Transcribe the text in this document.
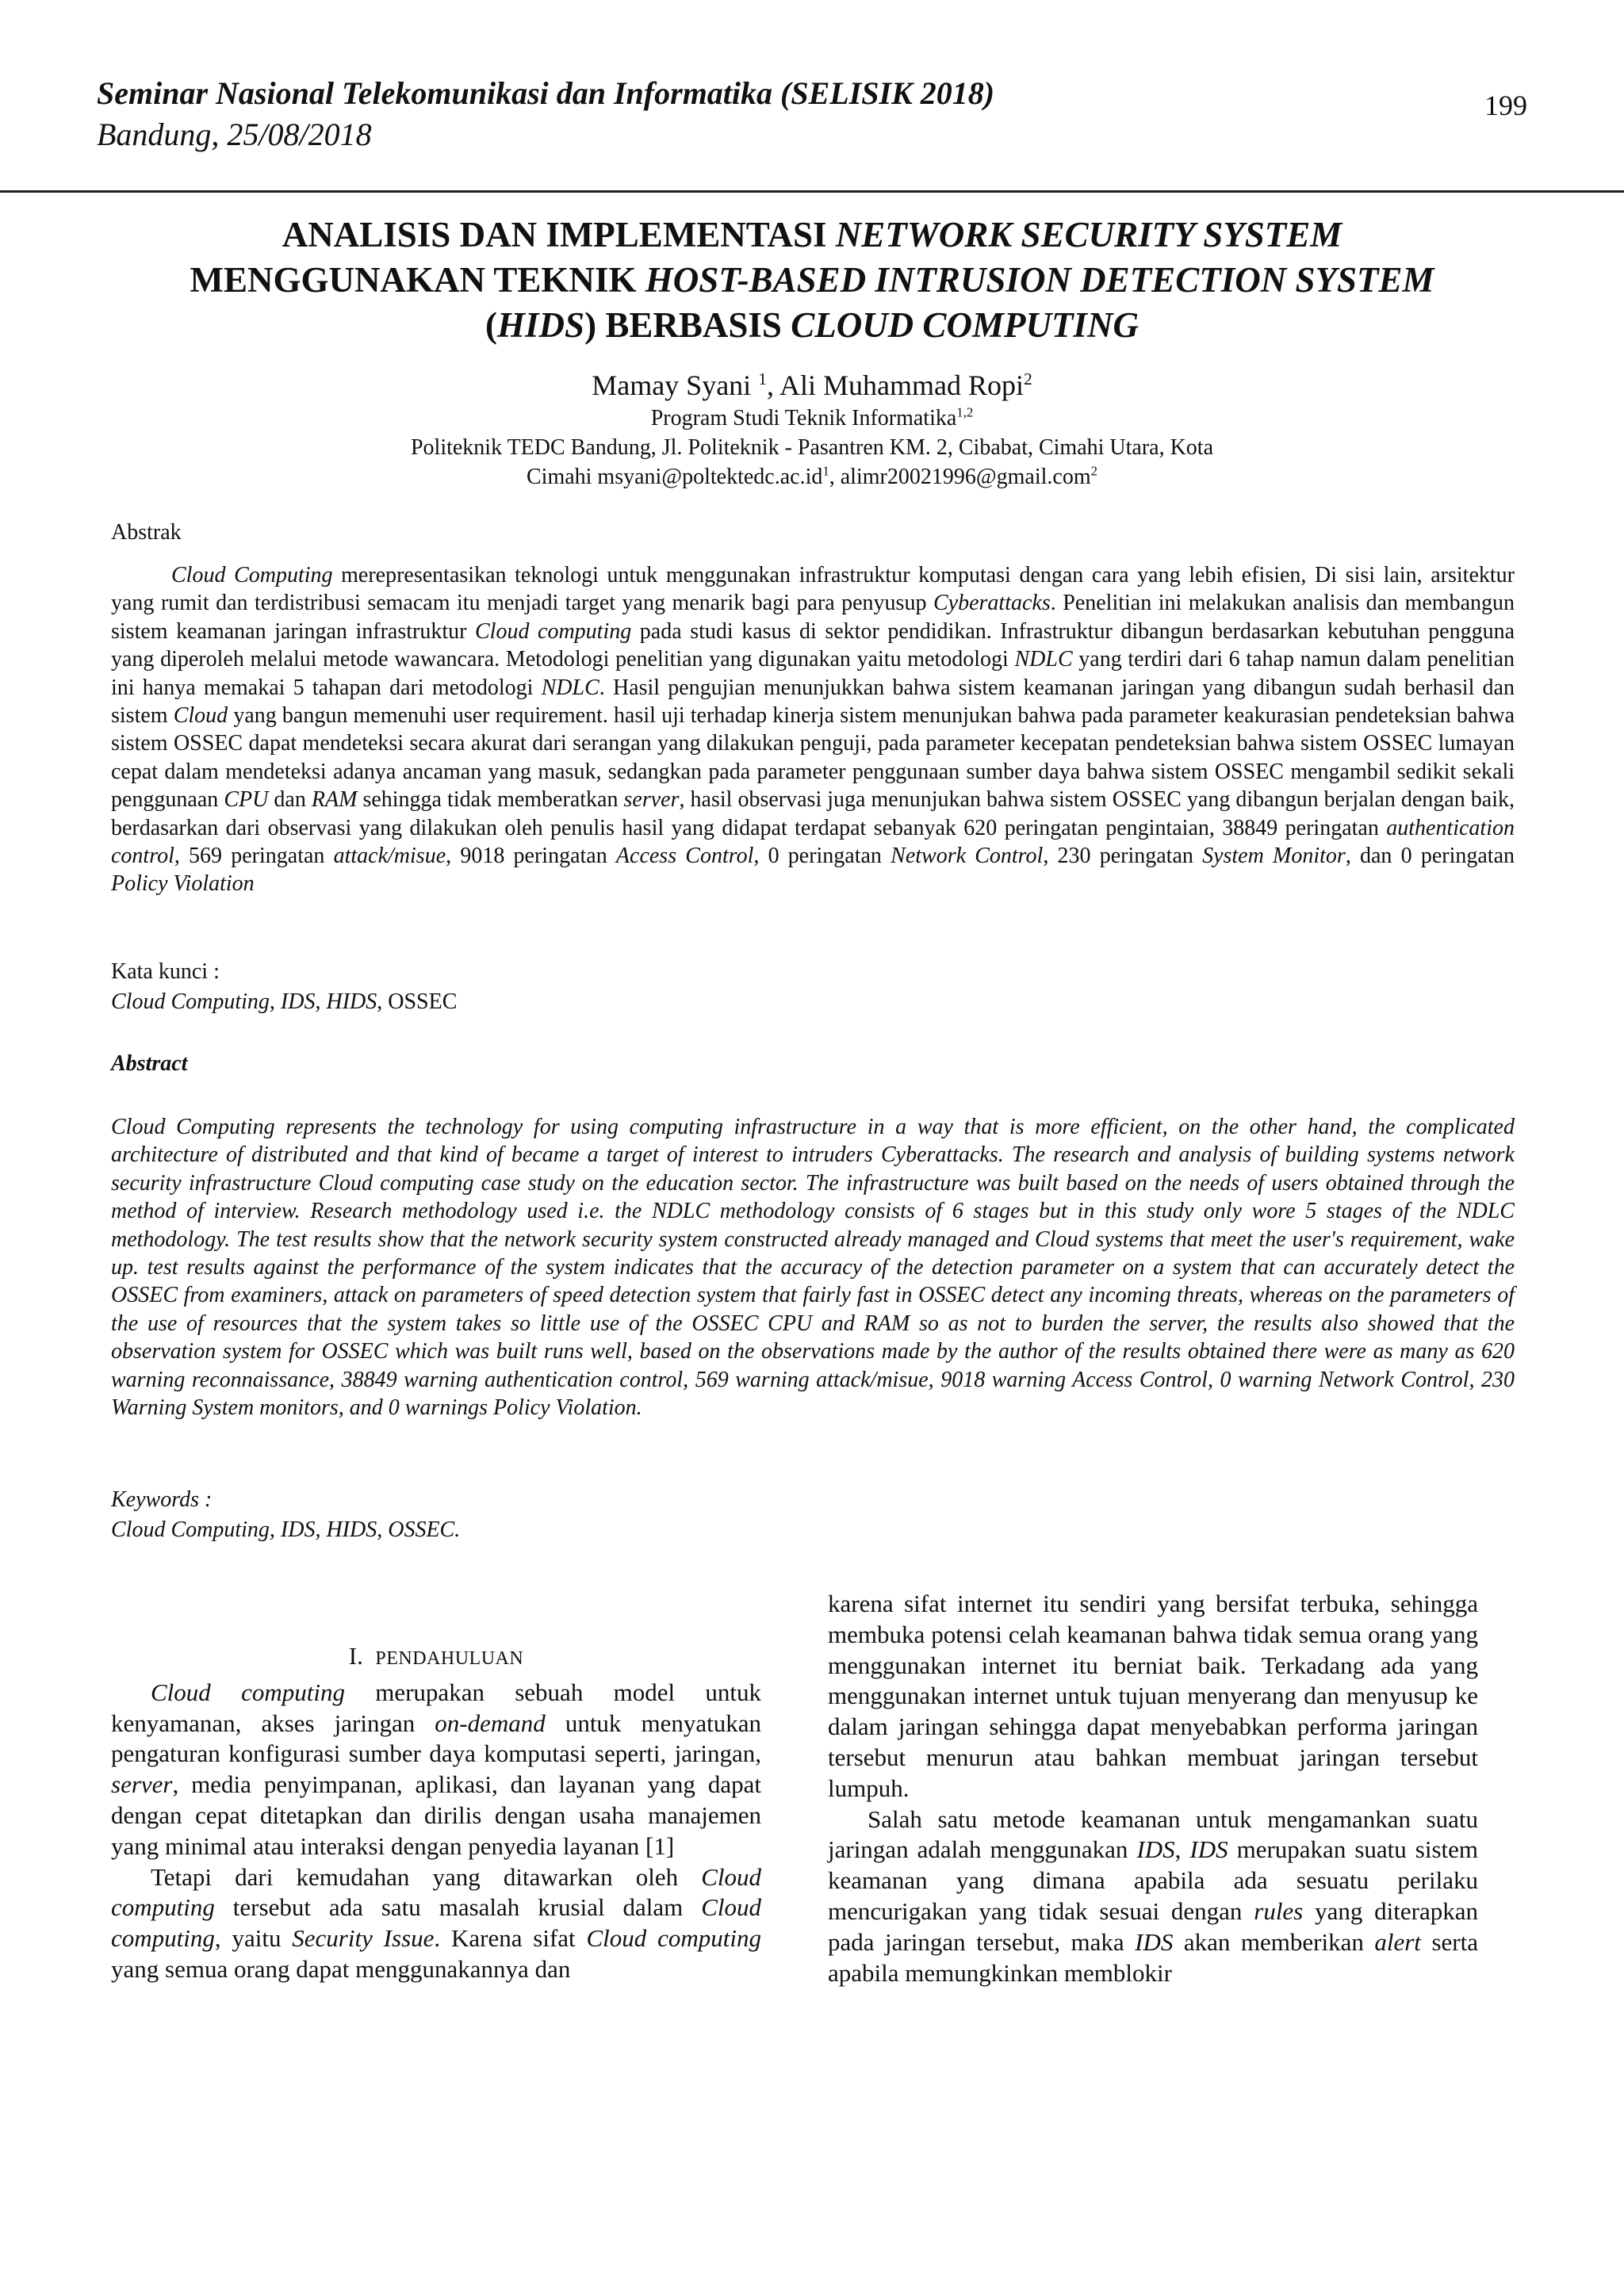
Seminar Nasional Telekomunikasi dan Informatika (SELISIK 2018)
Bandung, 25/08/2018
199
ANALISIS DAN IMPLEMENTASI NETWORK SECURITY SYSTEM
MENGGUNAKAN TEKNIK HOST-BASED INTRUSION DETECTION SYSTEM
(HIDS) BERBASIS CLOUD COMPUTING
Mamay Syani $^1$, Ali Muhammad Ropi$^2$
Program Studi Teknik Informatika$^{1,2}$
Politeknik TEDC Bandung, Jl. Politeknik - Pasantren KM. 2, Cibabat, Cimahi Utara, Kota
Cimahi $msyani@poltektedc.ac.id^1$, alimr20021996@gmail.com$^2$
Abstrak
Cloud Computing merepresentasikan teknologi untuk menggunakan infrastruktur komputasi dengan cara yang lebih efisien, Di sisi lain, arsitektur yang rumit dan terdistribusi semacam itu menjadi target yang menarik bagi para penyusup Cyberattacks. Penelitian ini melakukan analisis dan membangun sistem keamanan jaringan infrastruktur Cloud computing pada studi kasus di sektor pendidikan. Infrastruktur dibangun berdasarkan kebutuhan pengguna yang diperoleh melalui metode wawancara. Metodologi penelitian yang digunakan yaitu metodologi NDLC yang terdiri dari 6 tahap namun dalam penelitian ini hanya memakai 5 tahapan dari metodologi NDLC. Hasil pengujian menunjukkan bahwa sistem keamanan jaringan yang dibangun sudah berhasil dan sistem Cloud yang bangun memenuhi user requirement. hasil uji terhadap kinerja sistem menunjukan bahwa pada parameter keakurasian pendeteksian bahwa sistem OSSEC dapat mendeteksi secara akurat dari serangan yang dilakukan penguji, pada parameter kecepatan pendeteksian bahwa sistem OSSEC lumayan cepat dalam mendeteksi adanya ancaman yang masuk, sedangkan pada parameter penggunaan sumber daya bahwa sistem OSSEC mengambil sedikit sekali penggunaan CPU dan RAM sehingga tidak memberatkan server, hasil observasi juga menunjukan bahwa sistem OSSEC yang dibangun berjalan dengan baik, berdasarkan dari observasi yang dilakukan oleh penulis hasil yang didapat terdapat sebanyak 620 peringatan pengintaian, 38849 peringatan authentication control, 569 peringatan attack/misue, 9018 peringatan Access Control, 0 peringatan Network Control, 230 peringatan System Monitor, dan 0 peringatan Policy Violation
Kata kunci :
Cloud Computing, IDS, HIDS, OSSEC
Abstract
Cloud Computing represents the technology for using computing infrastructure in a way that is more efficient, on the other hand, the complicated architecture of distributed and that kind of became a target of interest to intruders Cyberattacks. The research and analysis of building systems network security infrastructure Cloud computing case study on the education sector. The infrastructure was built based on the needs of users obtained through the method of interview. Research methodology used i.e. the NDLC methodology consists of 6 stages but in this study only wore 5 stages of the NDLC methodology. The test results show that the network security system constructed already managed and Cloud systems that meet the user's requirement, wake up. test results against the performance of the system indicates that the accuracy of the detection parameter on a system that can accurately detect the OSSEC from examiners, attack on parameters of speed detection system that fairly fast in OSSEC detect any incoming threats, whereas on the parameters of the use of resources that the system takes so little use of the OSSEC CPU and RAM so as not to burden the server, the results also showed that the observation system for OSSEC which was built runs well, based on the observations made by the author of the results obtained there were as many as 620 warning reconnaissance, 38849 warning authentication control, 569 warning attack/misue, 9018 warning Access Control, 0 warning Network Control, 230 Warning System monitors, and 0 warnings Policy Violation.
Keywords :
Cloud Computing, IDS, HIDS, OSSEC.

I. PENDAHULUAN

Cloud computing merupakan sebuah model untuk kenyamanan, akses jaringan on-demand untuk menyatukan pengaturan konfigurasi sumber daya komputasi seperti, jaringan, server, media penyimpanan, aplikasi, dan layanan yang dapat dengan cepat ditetapkan dan dirilis dengan usaha manajemen yang minimal atau interaksi dengan penyedia layanan [1]

Tetapi dari kemudahan yang ditawarkan oleh Cloud computing tersebut ada satu masalah krusial dalam Cloud computing, yaitu Security Issue. Karena sifat Cloud computing yang semua orang dapat menggunakannya dan

karena sifat internet itu sendiri yang bersifat terbuka, sehingga membuka potensi celah keamanan bahwa tidak semua orang yang menggunakan internet itu berniat baik. Terkadang ada yang menggunakan internet untuk tujuan menyerang dan menyusup ke dalam jaringan sehingga dapat menyebabkan performa jaringan tersebut menurun atau bahkan membuat jaringan tersebut lumpuh.

Salah satu metode keamanan untuk mengamankan suatu jaringan adalah menggunakan IDS, IDS merupakan suatu sistem keamanan yang dimana apabila ada sesuatu perilaku mencurigakan yang tidak sesuai dengan rules yang diterapkan pada jaringan tersebut, maka IDS akan memberikan alert serta apabila memungkinkan memblokir
